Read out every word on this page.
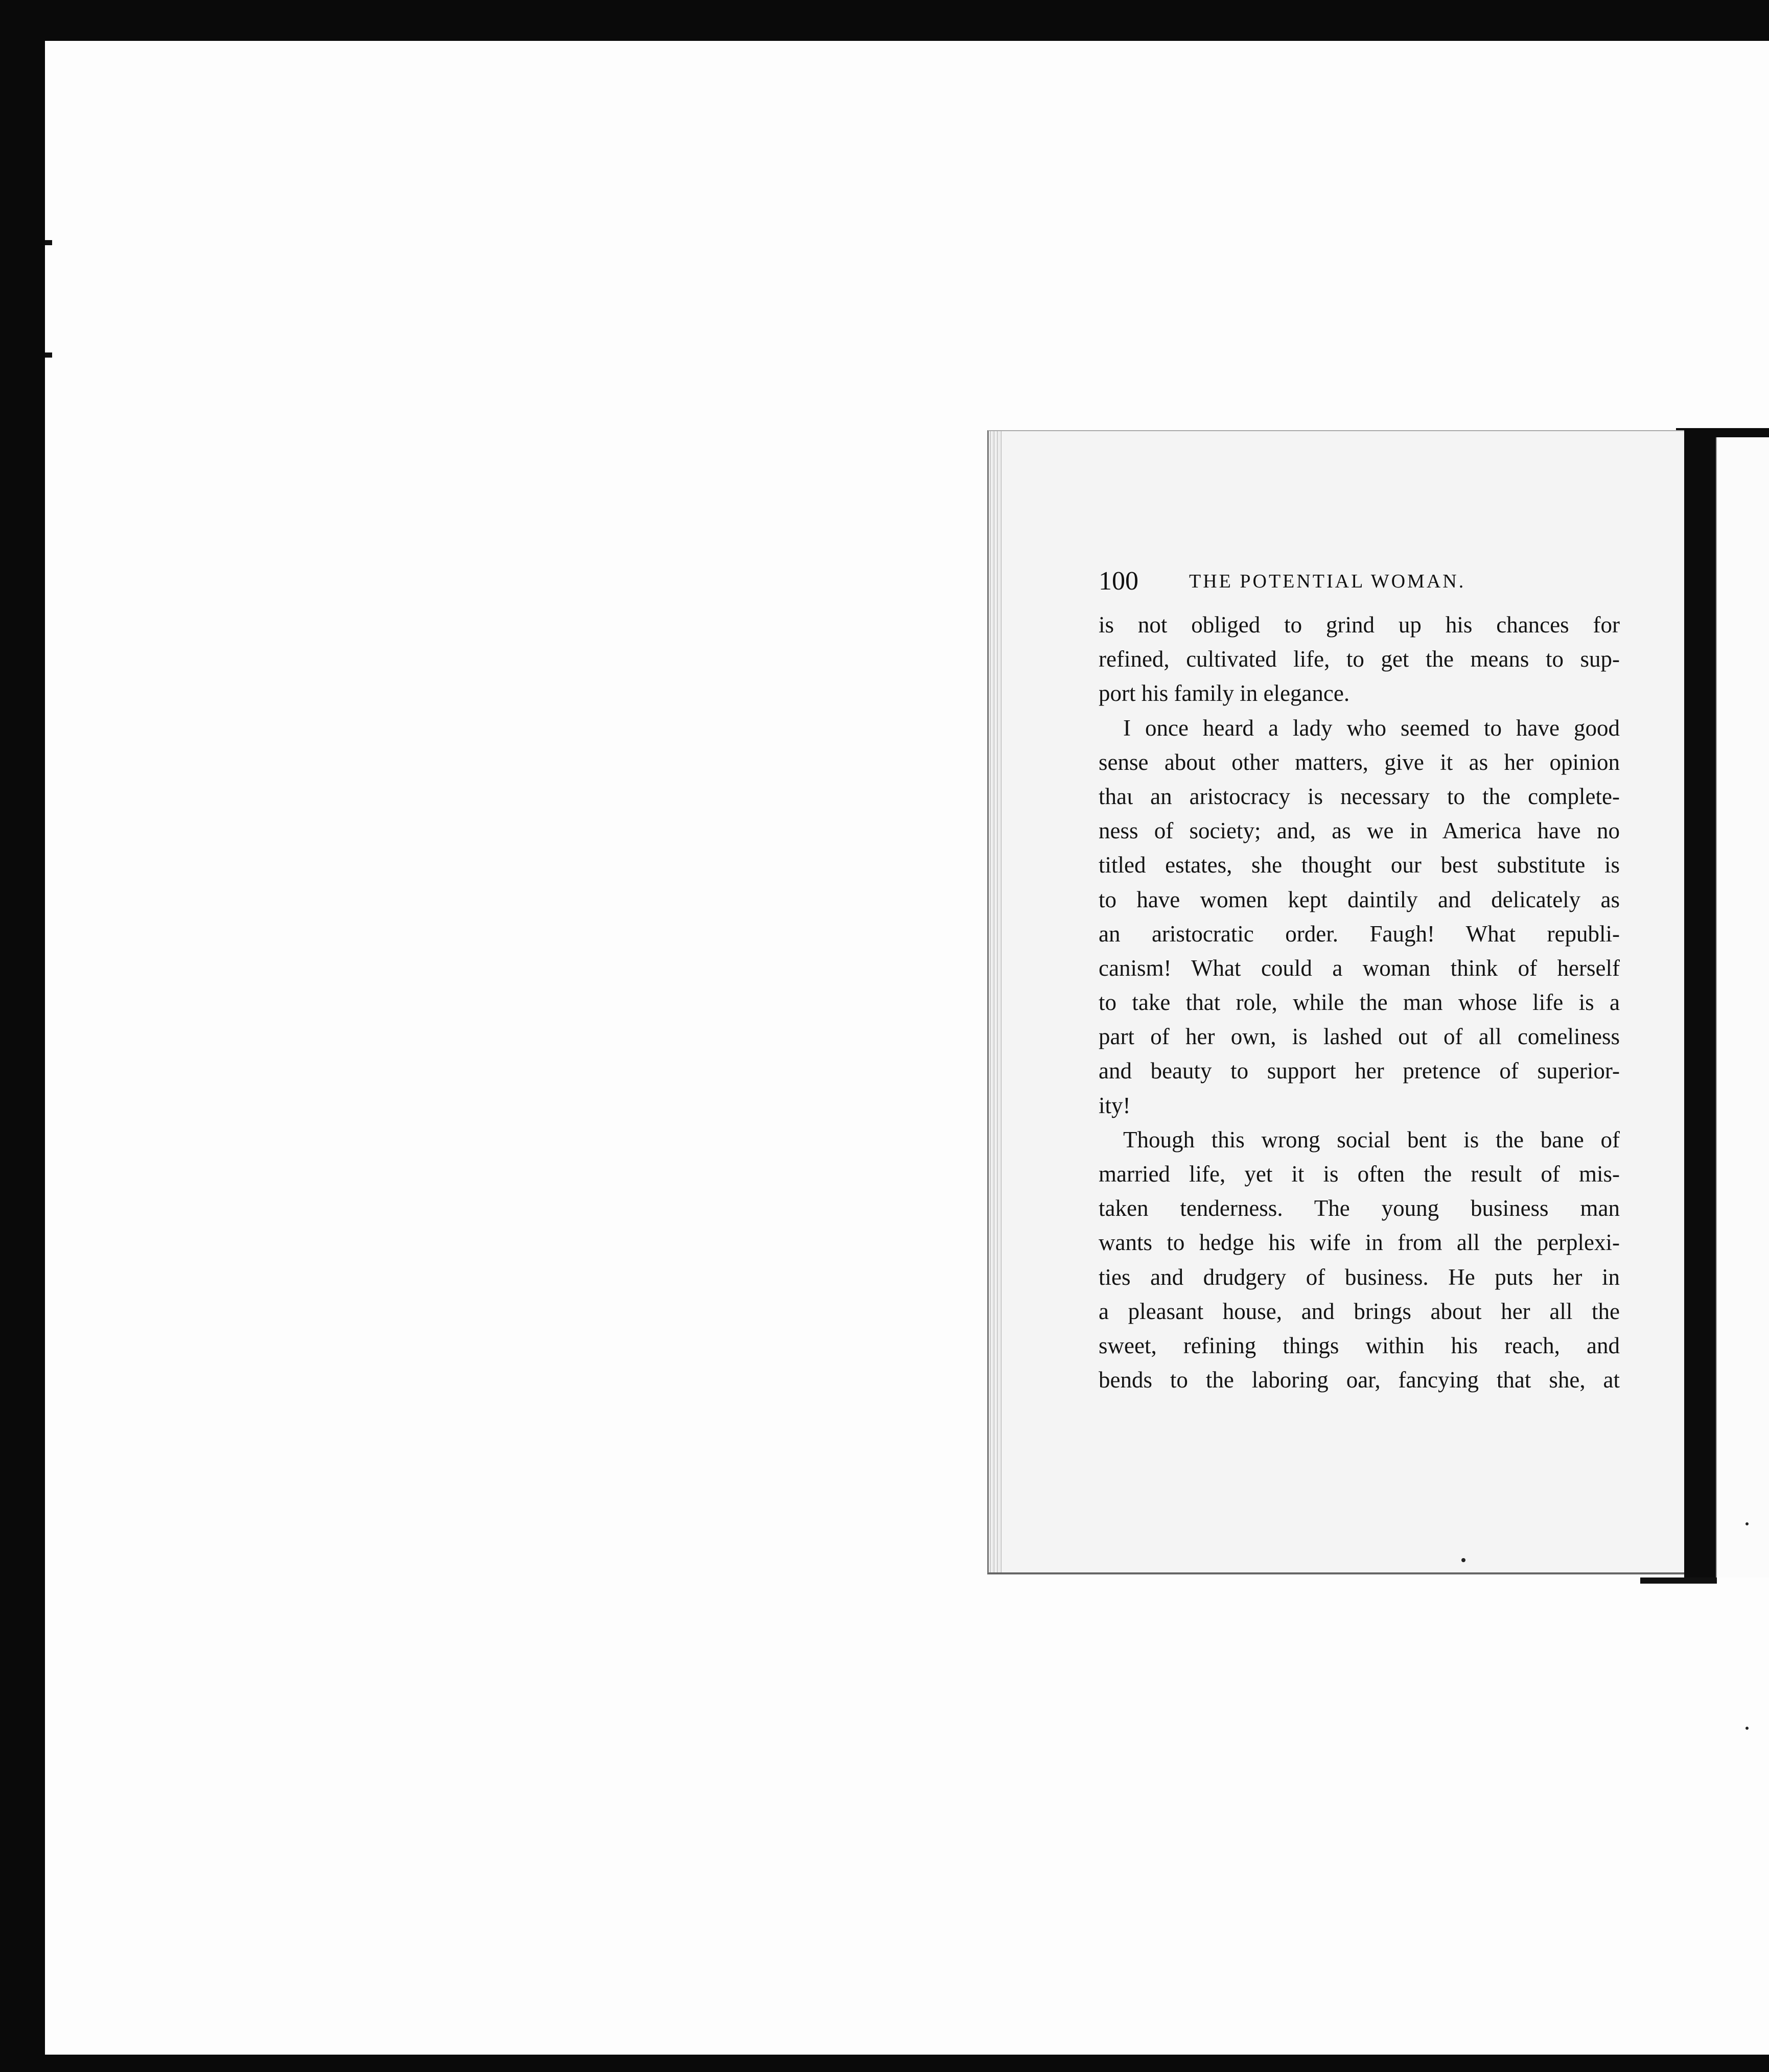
100	THE POTENTIAL WOMAN.
is not obliged to grind up his chances for
refined, cultivated life, to get the means to sup-
port his family in elegance.
I once heard a lady who seemed to have good
sense about other matters, give it as her opinion
thaι an aristocracy is necessary to the complete-
ness of society; and, as we in America have no
titled estates, she thought our best substitute is
to have women kept daintily and delicately as
an aristocratic order. Faugh! What republi-
canism! What could a woman think of herself
to take that role, while the man whose life is a
part of her own, is lashed out of all comeliness
and beauty to support her pretence of superior-
ity!
Though this wrong social bent is the bane of
married life, yet it is often the result of mis-
taken tenderness. The young business man
wants to hedge his wife in from all the perplexi-
ties and drudgery of business. He puts her in
a pleasant house, and brings about her all the
sweet, refining things within his reach, and
bends to the laboring oar, fancying that she, at
